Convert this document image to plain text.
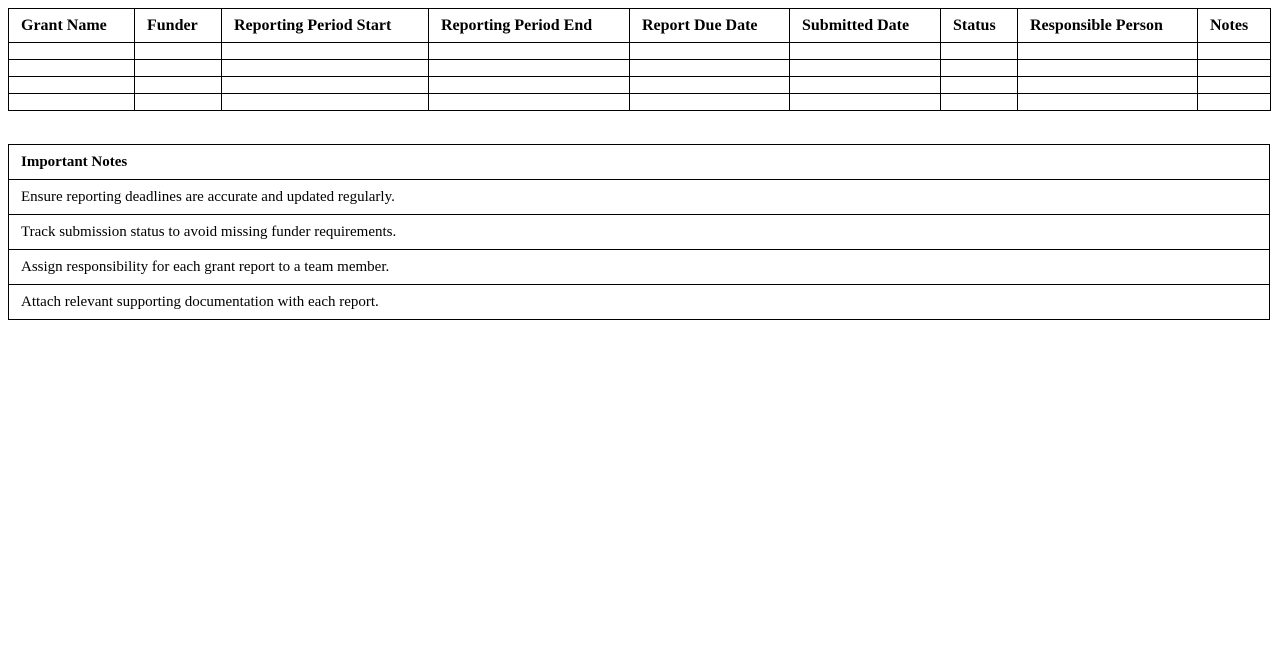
Grant Name	Funder	Reporting Period Start	Reporting Period End	Report Due Date	Submitted Date	Status	Responsible Person	Notes

Important Notes
Ensure reporting deadlines are accurate and updated regularly.
Track submission status to avoid missing funder requirements.
Assign responsibility for each grant report to a team member.
Attach relevant supporting documentation with each report.
